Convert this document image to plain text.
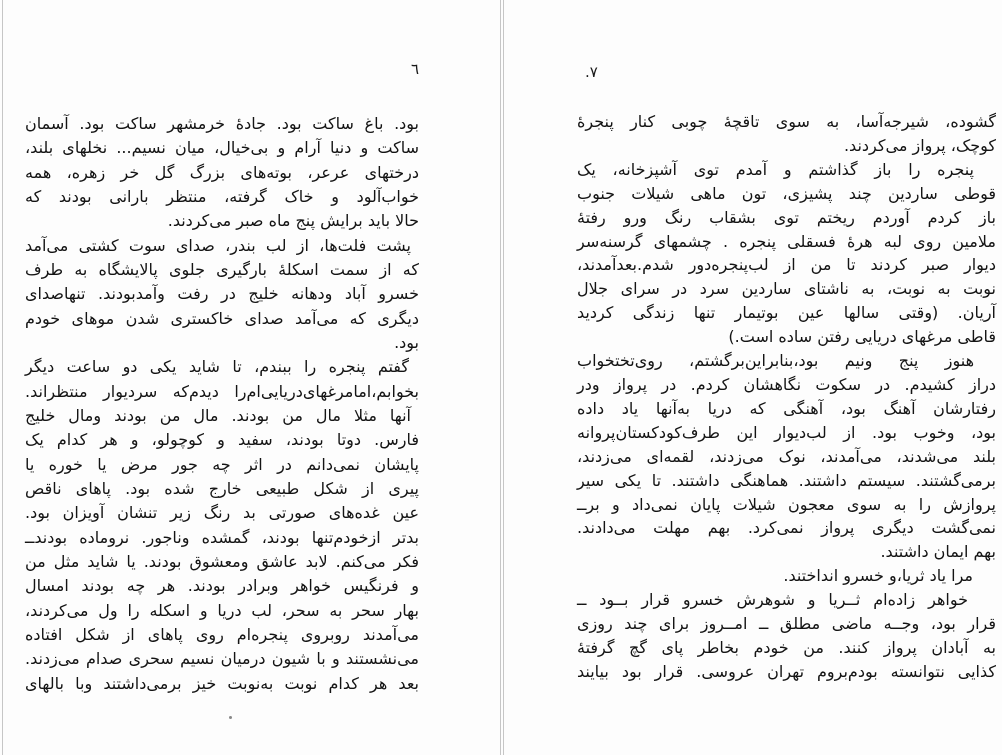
٦	٧.
بود. باغ ساکت بود. جادهٔ خرمشهر ساکت بود. آسمان
ساکت و دنیا آرام و بی‌خیال، میان نسیم... نخلهای بلند،
درختهای عرعر، بوته‌های بزرگ گل خر زهره، همه
خواب‌آلود و خاک گرفته، منتظر بارانی بودند که
حالا باید برایش پنج ماه صبر می‌کردند.
پشت فلت‌ها، از لب بندر، صدای سوت کشتی می‌آمد
که از سمت اسکلهٔ بارگیری جلوی پالایشگاه به طرف
خسرو آباد ودهانه خلیج در رفت وآمدبودند. تنهاصدای
دیگری که می‌آمد صدای خاکستری شدن موهای خودم
بود.
گفتم پنجره را ببندم، تا شاید یکی دو ساعت دیگر
بخوابم،امامرغهای‌دریایی‌ام‌را دیدم‌که سردیوار منتظراند.
آنها مثلا مال من بودند. مال من بودند ومال خلیج
فارس. دوتا بودند، سفید و کوچولو، و هر کدام یک
پایشان نمی‌دانم در اثر چه جور مرض یا خوره یا
پیری از شکل طبیعی خارج شده بود. پاهای ناقص
عین غده‌های صورتی بد رنگ زیر تنشان آویزان بود.
بدتر ازخودم‌تنها بودند، گمشده وناجور. نروماده بودندــ
فکر می‌کنم. لابد عاشق ومعشوق بودند. یا شاید مثل من
و فرنگیس خواهر وبرادر بودند. هر چه بودند امسال
بهار سحر به سحر، لب دریا و اسکله را ول می‌کردند،
می‌آمدند روبروی پنجره‌ام روی پاهای از شکل افتاده
می‌نشستند و با شیون درمیان نسیم سحری صدام می‌زدند.
بعد هر کدام نوبت به‌نوبت خیز برمی‌داشتند وبا بالهای
گشوده، شیرجه‌آسا، به سوی تاقچهٔ چوبی کنار پنجرهٔ
کوچک، پرواز می‌کردند.
پنجره را باز گذاشتم و آمدم توی آشپزخانه، یک
قوطی ساردین چند پشیزی، تون ماهی شیلات جنوب
باز کردم آوردم ریختم توی بشقاب رنگ ورو رفتهٔ
ملامین روی لبه هرهٔ فسقلی پنجره . چشمهای گرسنه‌سر
دیوار صبر کردند تا من از لب‌پنجره‌دور شدم.بعدآمدند،
نوبت به نوبت، به ناشتای ساردین سرد در سرای جلال
آریان. (وقتی سالها عین بوتیمار تنها زندگی کردید
قاطی مرغهای دریایی رفتن ساده است.)
هنوز پنج ونیم بود،بنابراین‌برگشتم، روی‌تختخواب
دراز کشیدم. در سکوت نگاهشان کردم. در پرواز ودر
رفتارشان آهنگ بود، آهنگی که دریا به‌آنها یاد داده
بود، وخوب بود. از لب‌دیوار این طرف‌کودکستان‌پروانه
بلند می‌شدند، می‌آمدند، نوک می‌زدند، لقمه‌ای می‌زدند،
برمی‌گشتند. سیستم داشتند. هماهنگی داشتند. تا یکی سیر
پروازش را به سوی معجون شیلات پایان نمی‌داد و برــ
نمی‌گشت دیگری پرواز نمی‌کرد. بهم مهلت می‌دادند.
بهم ایمان داشتند.
مرا یاد ثریا،و خسرو انداختند.
خواهر زاده‌ام ثــریا و شوهرش خسرو قرار بــود ــ
قرار بود، وجــه ماضی مطلق ــ امــروز برای چند روزی
به آبادان پرواز کنند. من خودم بخاطر پای گچ گرفتهٔ
کذایی نتوانسته بودم‌بروم تهران عروسی. قرار بود بیایند
